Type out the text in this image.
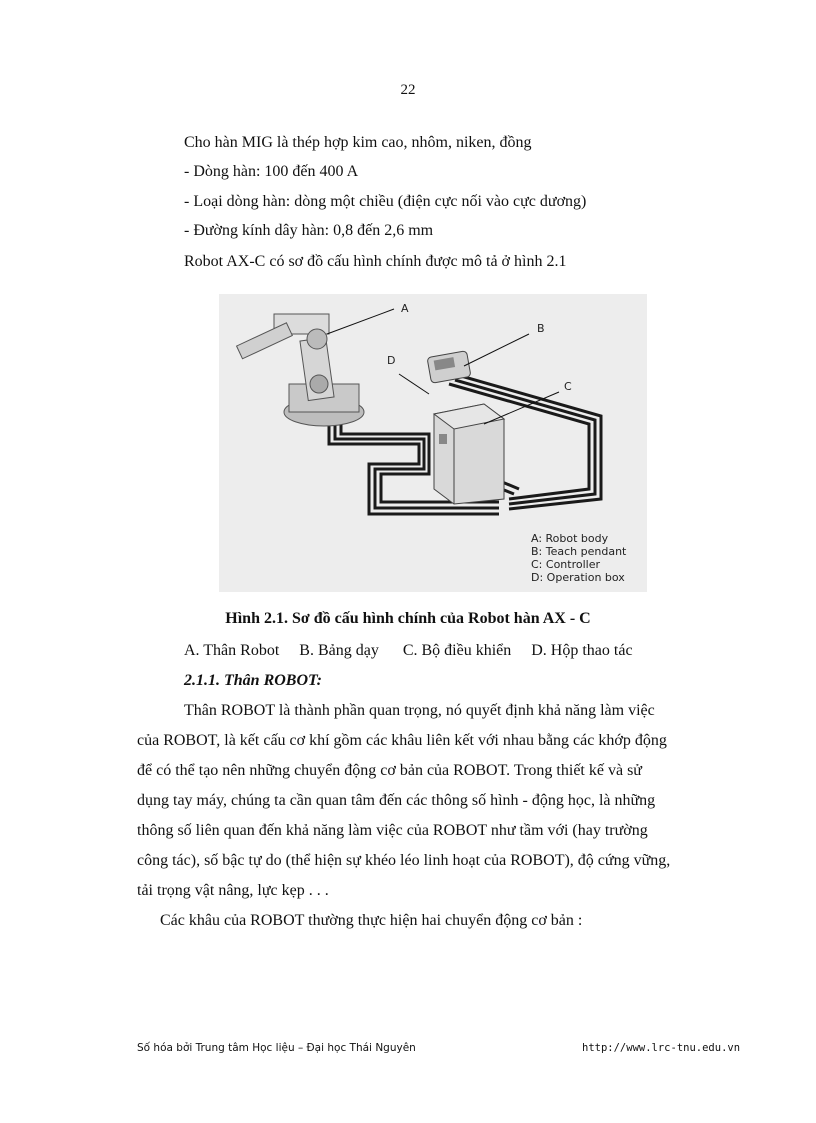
22
Cho hàn MIG là thép hợp kim cao, nhôm, niken, đồng
- Dòng hàn: 100 đến 400 A
- Loại dòng hàn: dòng một chiều (điện cực nối vào cực dương)
- Đường kính dây hàn: 0,8 đến 2,6 mm
Robot AX-C có sơ đồ cấu hình chính được mô tả ở hình 2.1
A
B
C
D
A: Robot body
B: Teach pendant
C: Controller
D: Operation box
Hình 2.1. Sơ đồ cấu hình chính của Robot hàn AX - C
A. Thân Robot B. Bảng dạy C. Bộ điều khiển D. Hộp thao tác
2.1.1. Thân ROBOT:

Thân ROBOT là thành phần quan trọng, nó quyết định khả năng làm việc

của ROBOT, là kết cấu cơ khí gồm các khâu liên kết với nhau bằng các khớp động

để có thể tạo nên những chuyển động cơ bản của ROBOT. Trong thiết kế và sử

dụng tay máy, chúng ta cần quan tâm đến các thông số hình - động học, là những

thông số liên quan đến khả năng làm việc của ROBOT như tầm với (hay trường

công tác), số bậc tự do (thể hiện sự khéo léo linh hoạt của ROBOT), độ cứng vững,

tải trọng vật nâng, lực kẹp . . .

Các khâu của ROBOT thường thực hiện hai chuyển động cơ bản :
Số hóa bởi Trung tâm Học liệu – Đại học Thái Nguyên	http://www.lrc-tnu.edu.vn
